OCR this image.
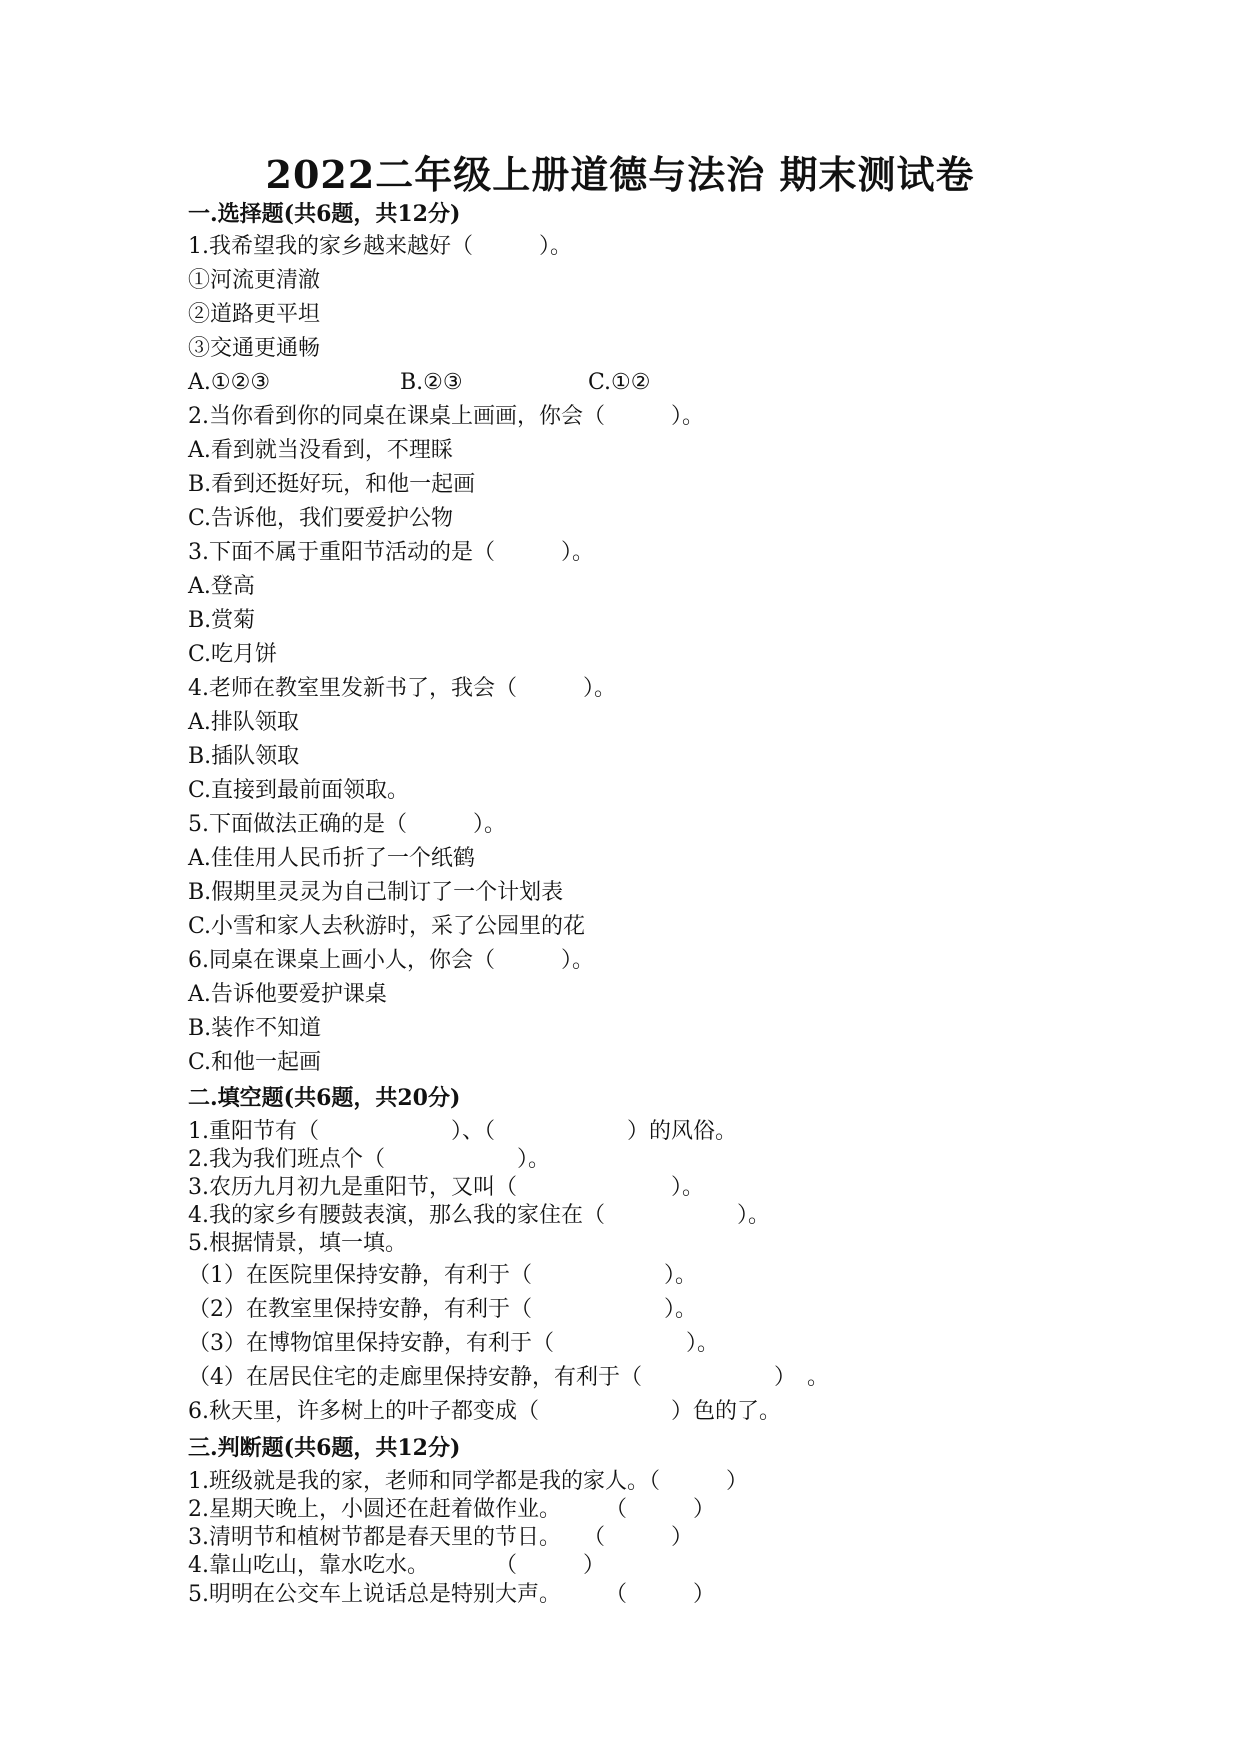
2022二年级上册道德与法治 期末测试卷
一.选择题(共6题，共12分)
1.我希望我的家乡越来越好（　　　）。
①河流更清澈
②道路更平坦
③交通更通畅

A.①②③

	B.②③

	C.①②

2.当你看到你的同桌在课桌上画画，你会（　　　）。
A.看到就当没看到，不理睬
B.看到还挺好玩，和他一起画
C.告诉他，我们要爱护公物
3.下面不属于重阳节活动的是（　　　）。
A.登高
B.赏菊
C.吃月饼
4.老师在教室里发新书了，我会（　　　）。
A.排队领取
B.插队领取
C.直接到最前面领取。
5.下面做法正确的是（　　　）。
A.佳佳用人民币折了一个纸鹤
B.假期里灵灵为自己制订了一个计划表
C.小雪和家人去秋游时，采了公园里的花
6.同桌在课桌上画小人，你会（　　　）。
A.告诉他要爱护课桌
B.装作不知道
C.和他一起画
二.填空题(共6题，共20分)
1.重阳节有（　　　　　　）、（　　　　　　）的风俗。
2.我为我们班点个（　　　　　　）。
3.农历九月初九是重阳节，又叫（　　　　　　　）。
4.我的家乡有腰鼓表演，那么我的家住在（　　　　　　）。
5.根据情景，填一填。
（1）在医院里保持安静，有利于（　　　　　　）。
（2）在教室里保持安静，有利于（　　　　　　）。
（3）在博物馆里保持安静，有利于（　　　　　　）。
（4）在居民住宅的走廊里保持安静，有利于（　　　　　　）　。
6.秋天里，许多树上的叶子都变成（　　　　　　）色的了。
三.判断题(共6题，共12分)
1.班级就是我的家，老师和同学都是我的家人。（　　　）
2.星期天晚上，小圆还在赶着做作业。　　　（　　　）
3.清明节和植树节都是春天里的节日。　　（　　　）
4.靠山吃山，靠水吃水。　　　　（　　　）
5.明明在公交车上说话总是特别大声。　　　（　　　）
